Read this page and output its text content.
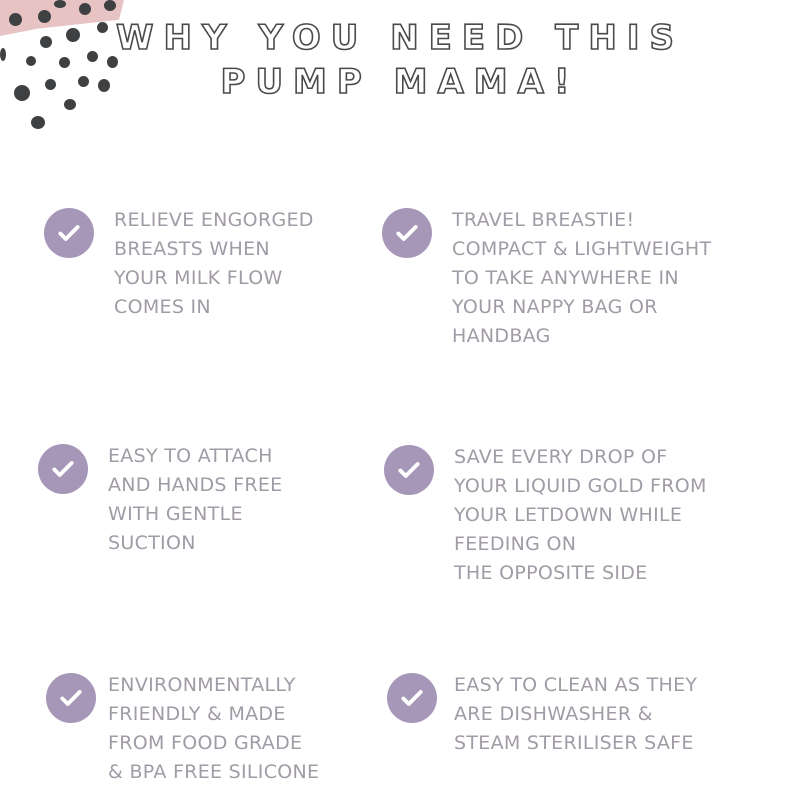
WHY YOU NEED THIS
PUMP MAMA!
RELIEVE ENGORGED
BREASTS WHEN
YOUR MILK FLOW
COMES IN
TRAVEL BREASTIE!
COMPACT & LIGHTWEIGHT
TO TAKE ANYWHERE IN
YOUR NAPPY BAG OR
HANDBAG
EASY TO ATTACH
AND HANDS FREE
WITH GENTLE
SUCTION
SAVE EVERY DROP OF
YOUR LIQUID GOLD FROM
YOUR LETDOWN WHILE
FEEDING ON
THE OPPOSITE SIDE
ENVIRONMENTALLY
FRIENDLY & MADE
FROM FOOD GRADE
& BPA FREE SILICONE
EASY TO CLEAN AS THEY
ARE DISHWASHER &
STEAM STERILISER SAFE
